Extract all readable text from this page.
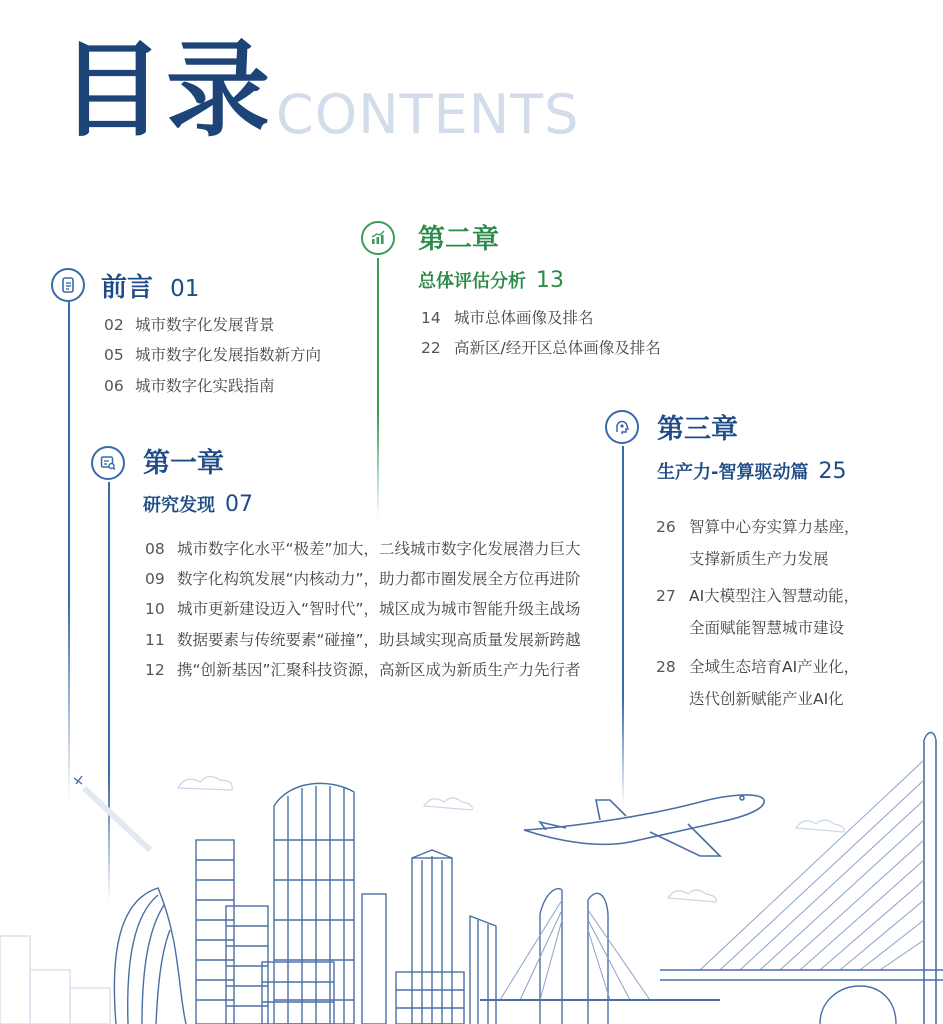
目录 CONTENTS
前言 01
02 城市数字化发展背景
05 城市数字化发展指数新方向
06 城市数字化实践指南
第二章
总体评估分析 13
14 城市总体画像及排名
22 高新区/经开区总体画像及排名
第三章
生产力-智算驱动篇 25
26 智算中心夯实算力基座，
支撑新质生产力发展
27 AI大模型注入智慧动能，
全面赋能智慧城市建设
28 全域生态培育AI产业化，
迭代创新赋能产业AI化
第一章
研究发现 07
08 城市数字化水平“极差”加大，二线城市数字化发展潜力巨大
09 数字化构筑发展“内核动力”，助力都市圈发展全方位再进阶
10 城市更新建设迈入“智时代”，城区成为城市智能升级主战场
11 数据要素与传统要素“碰撞”，助县域实现高质量发展新跨越
12 携“创新基因”汇聚科技资源，高新区成为新质生产力先行者
